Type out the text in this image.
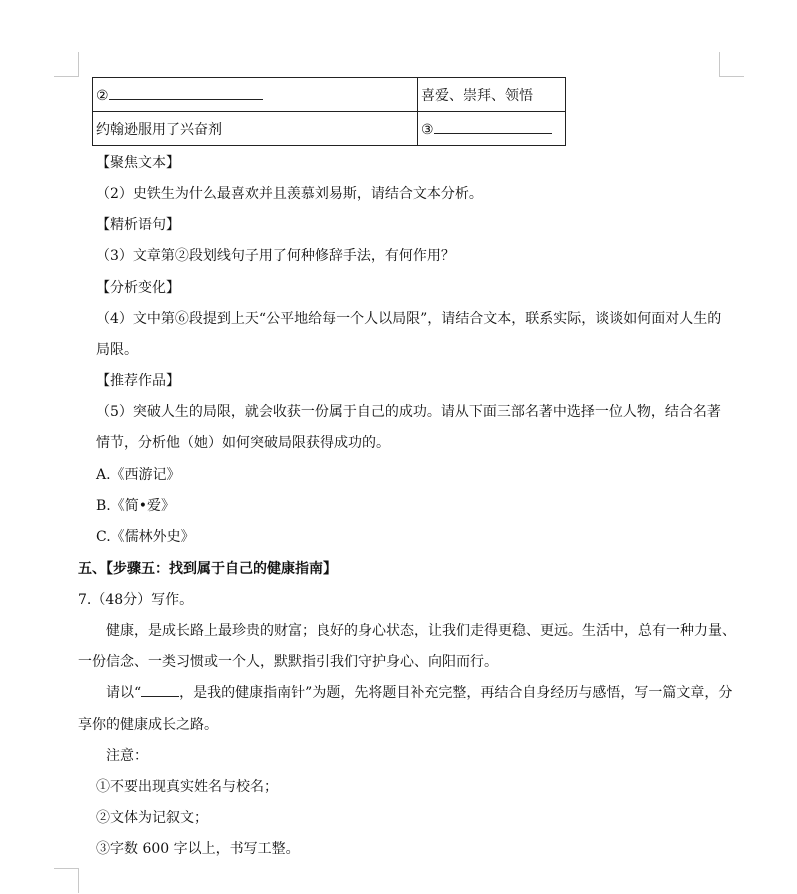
②	喜爱、崇拜、领悟
约翰逊服用了兴奋剂	③
【聚焦文本】
（2）史铁生为什么最喜欢并且羡慕刘易斯，请结合文本分析。
【精析语句】
（3）文章第②段划线句子用了何种修辞手法，有何作用？
【分析变化】
（4）文中第⑥段提到上天“公平地给每一个人以局限”，请结合文本，联系实际，谈谈如何面对人生的
局限。
【推荐作品】
（5）突破人生的局限，就会收获一份属于自己的成功。请从下面三部名著中选择一位人物，结合名著
情节，分析他（她）如何突破局限获得成功的。
A.《西游记》
B.《简•爱》
C.《儒林外史》
五、【步骤五：找到属于自己的健康指南】
7.（48分）写作。
健康，是成长路上最珍贵的财富；良好的身心状态，让我们走得更稳、更远。生活中，总有一种力量、
一份信念、一类习惯或一个人，默默指引我们守护身心、向阳而行。
请以“	，是我的健康指南针”为题，先将题目补充完整，再结合自身经历与感悟，写一篇文章，分
享你的健康成长之路。
注意：
①不要出现真实姓名与校名；
②文体为记叙文；
③字数 600 字以上，书写工整。
